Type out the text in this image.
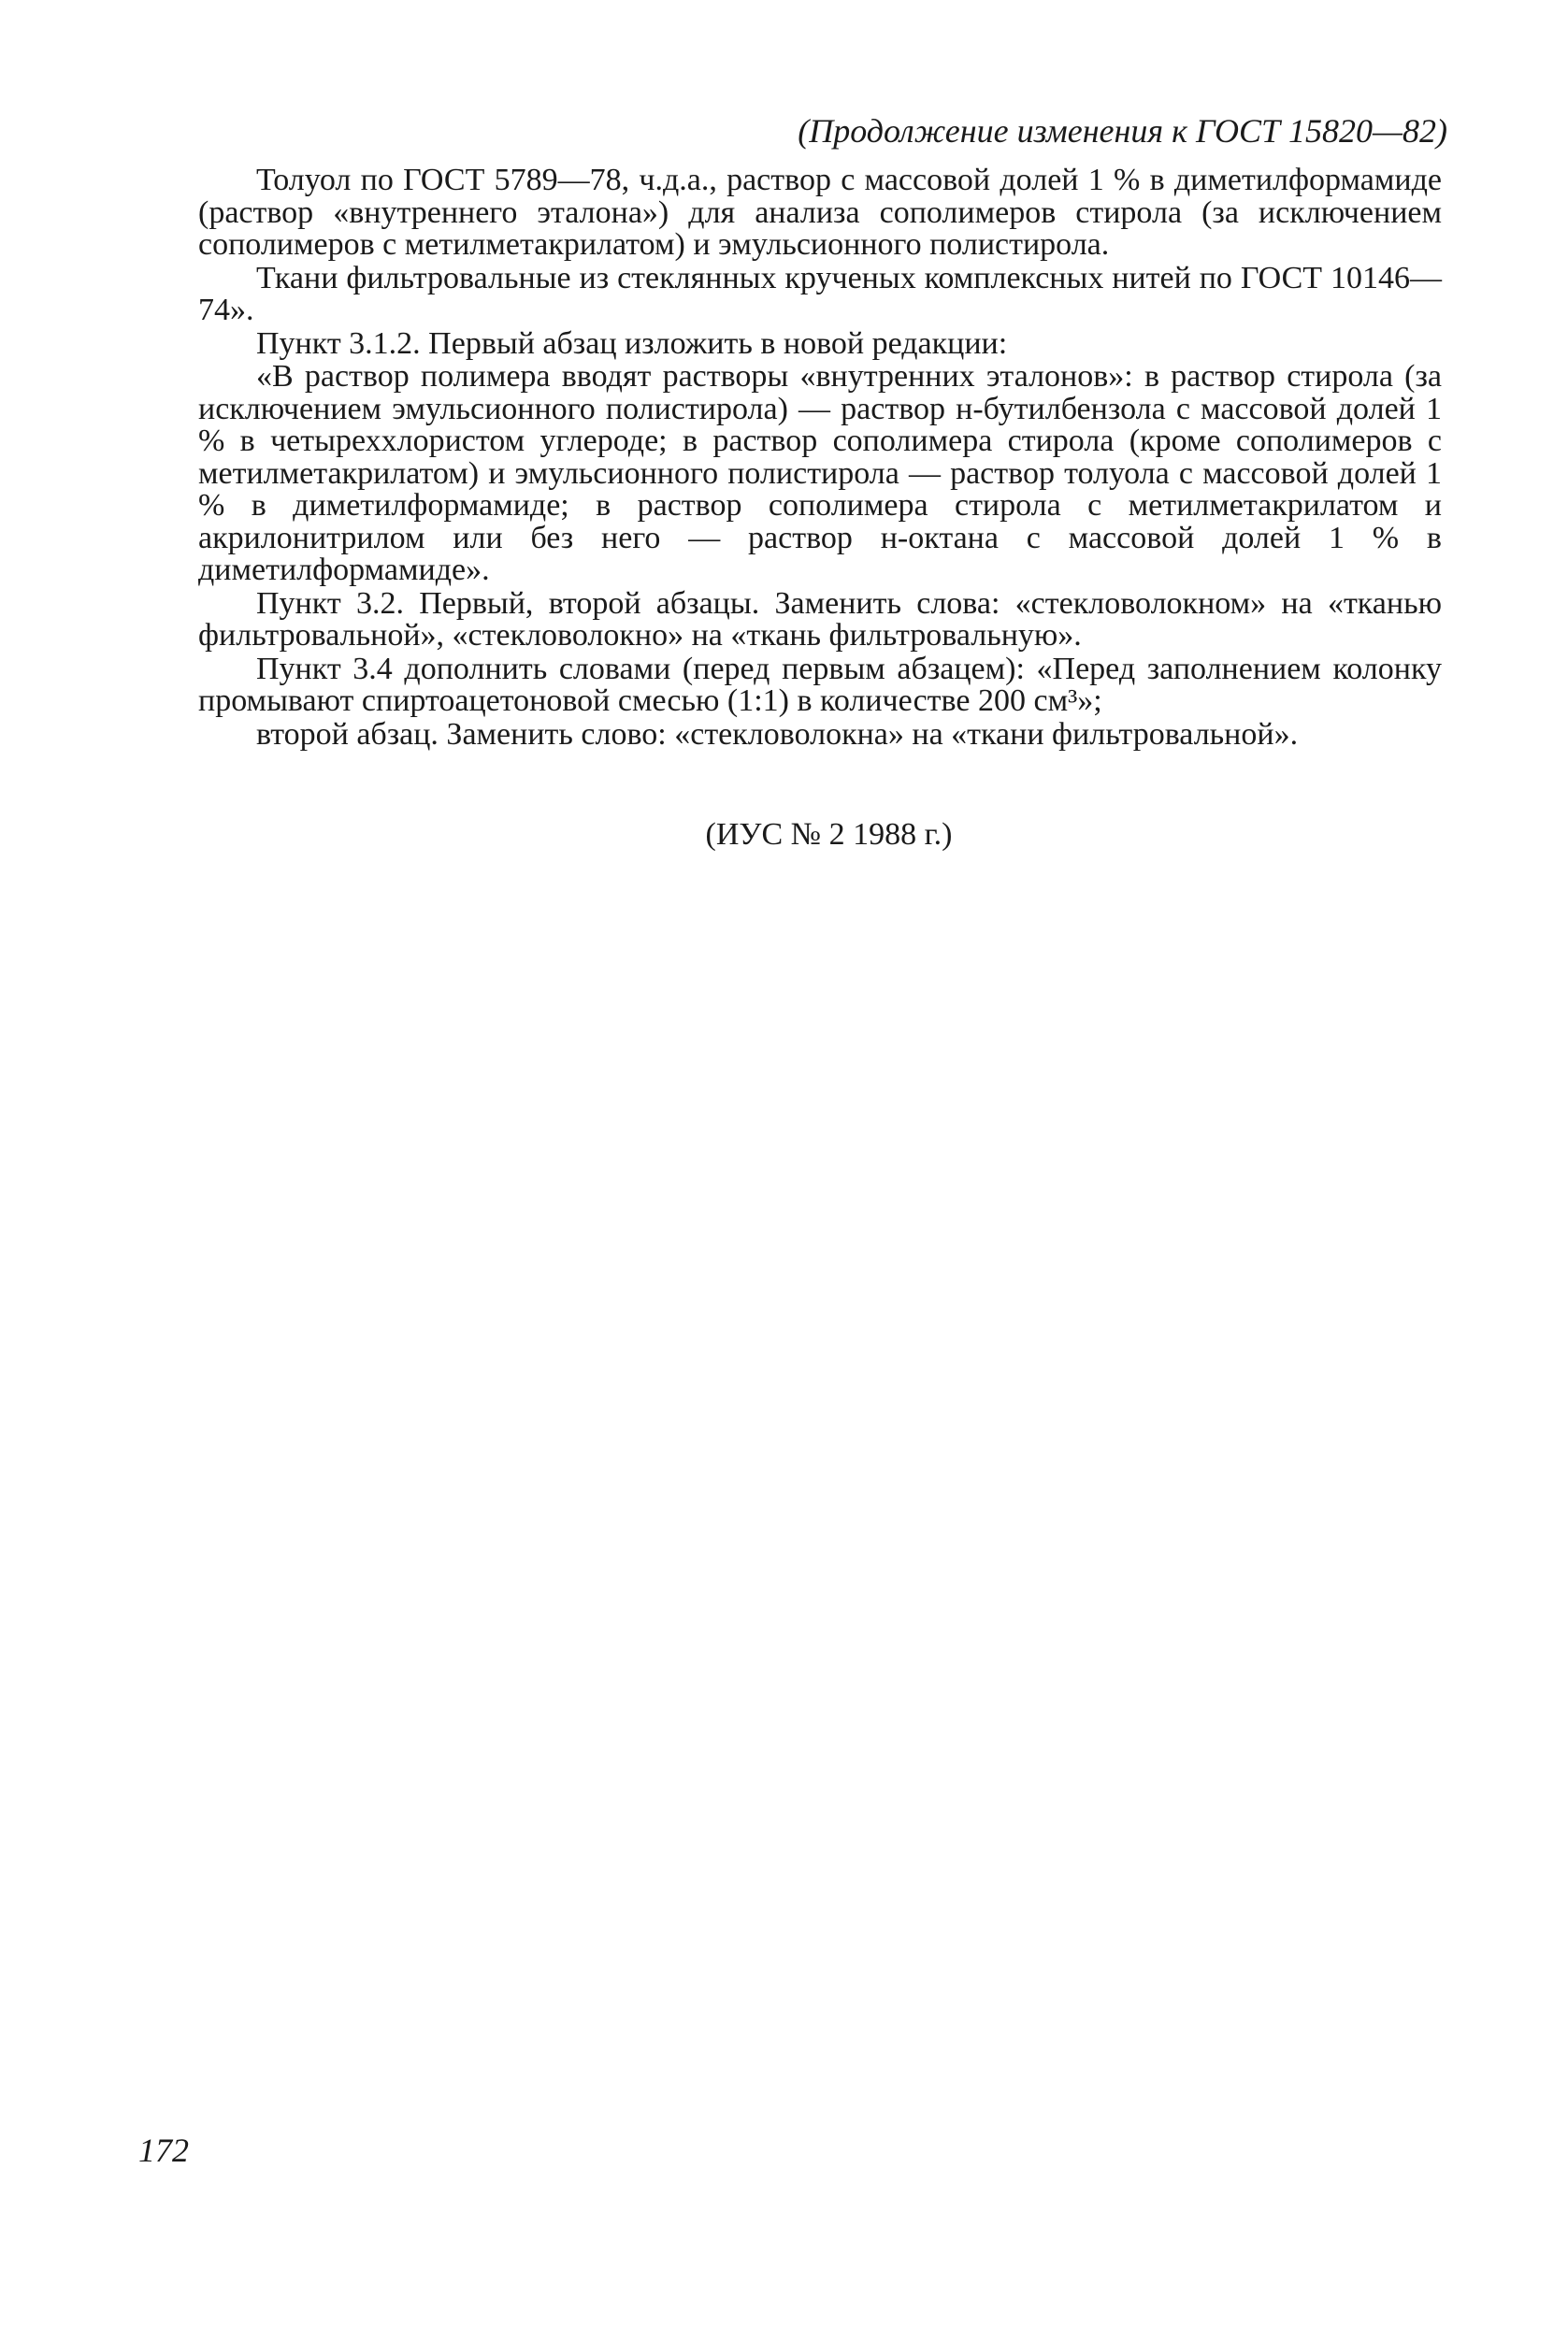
(Продолжение изменения к ГОСТ 15820—82)

Толуол по ГОСТ 5789—78, ч.д.а., раствор с массовой долей 1 % в диметилформамиде (раствор «внутреннего эталона») для анализа сополимеров стирола (за исключением сополимеров с метилметакрилатом) и эмульсионного полистирола.

Ткани фильтровальные из стеклянных крученых комплексных нитей по ГОСТ 10146—74».

Пункт 3.1.2. Первый абзац изложить в новой редакции:

«В раствор полимера вводят растворы «внутренних эталонов»: в раствор стирола (за исключением эмульсионного полистирола) — раствор н-бутилбензола с массовой долей 1 % в четыреххлористом углероде; в раствор сополимера стирола (кроме сополимеров с метилметакрилатом) и эмульсионного полистирола — раствор толуола с массовой долей 1 % в диметилформамиде; в раствор сополимера стирола с метилметакрилатом и акрилонитрилом или без него — раствор н-октана с массовой долей 1 % в диметилформамиде».

Пункт 3.2. Первый, второй абзацы. Заменить слова: «стекловолокном» на «тканью фильтровальной», «стекловолокно» на «ткань фильтровальную».

Пункт 3.4 дополнить словами (перед первым абзацем): «Перед заполнением колонку промывают спиртоацетоновой смесью (1:1) в количестве 200 см³»;

второй абзац. Заменить слово: «стекловолокна» на «ткани фильтровальной».

(ИУС № 2 1988 г.)
172
